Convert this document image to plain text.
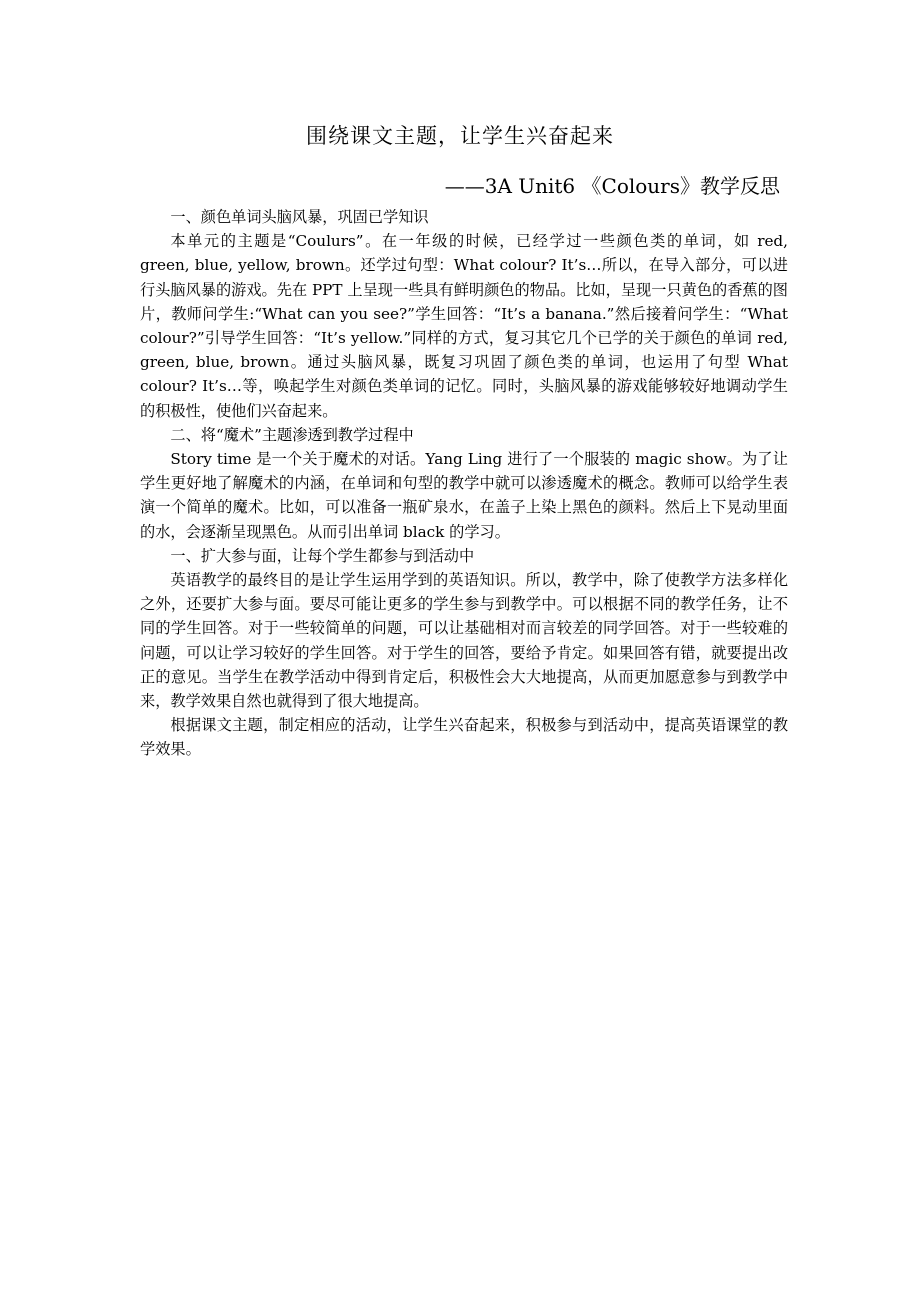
围绕课文主题，让学生兴奋起来
——3A Unit6 《Colours》教学反思

一、颜色单词头脑风暴，巩固已学知识

本单元的主题是“Coulurs”。在一年级的时候，已经学过一些颜色类的单词，如 red, green, blue, yellow, brown。还学过句型：What colour? It’s…所以，在导入部分，可以进行头脑风暴的游戏。先在 PPT 上呈现一些具有鲜明颜色的物品。比如，呈现一只黄色的香蕉的图片，教师问学生:“What can you see?”学生回答：“It’s a banana.”然后接着问学生：“What colour?”引导学生回答：“It’s yellow.”同样的方式，复习其它几个已学的关于颜色的单词 red, green, blue, brown。通过头脑风暴，既复习巩固了颜色类的单词，也运用了句型 What colour? It’s…等，唤起学生对颜色类单词的记忆。同时，头脑风暴的游戏能够较好地调动学生的积极性，使他们兴奋起来。

二、将“魔术”主题渗透到教学过程中

Story time 是一个关于魔术的对话。Yang Ling 进行了一个服装的 magic show。为了让学生更好地了解魔术的内涵，在单词和句型的教学中就可以渗透魔术的概念。教师可以给学生表演一个简单的魔术。比如，可以准备一瓶矿泉水，在盖子上染上黑色的颜料。然后上下晃动里面的水，会逐渐呈现黑色。从而引出单词 black 的学习。

一、扩大参与面，让每个学生都参与到活动中

英语教学的最终目的是让学生运用学到的英语知识。所以，教学中，除了使教学方法多样化之外，还要扩大参与面。要尽可能让更多的学生参与到教学中。可以根据不同的教学任务，让不同的学生回答。对于一些较简单的问题，可以让基础相对而言较差的同学回答。对于一些较难的问题，可以让学习较好的学生回答。对于学生的回答，要给予肯定。如果回答有错，就要提出改正的意见。当学生在教学活动中得到肯定后，积极性会大大地提高，从而更加愿意参与到教学中来，教学效果自然也就得到了很大地提高。

根据课文主题，制定相应的活动，让学生兴奋起来，积极参与到活动中，提高英语课堂的教学效果。
